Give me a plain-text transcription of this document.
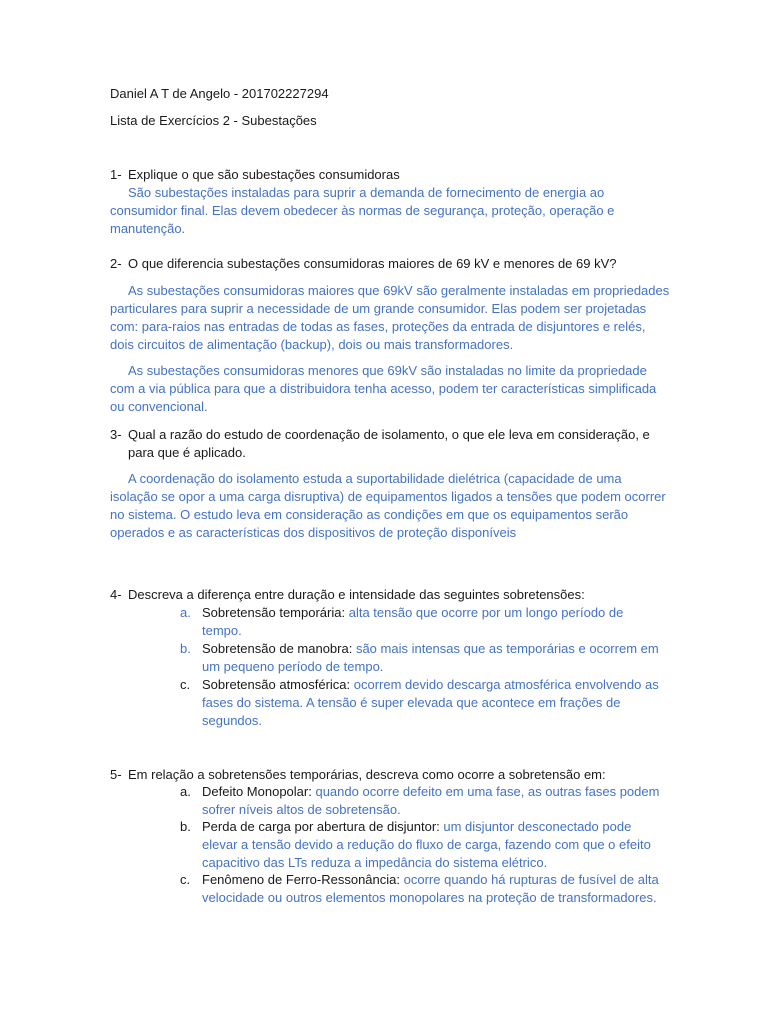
Daniel A T de Angelo - 201702227294
Lista de Exercícios 2 - Subestações
1- Explique o que são subestações consumidoras
São subestações instaladas para suprir a demanda de fornecimento de energia ao consumidor final. Elas devem obedecer às normas de segurança, proteção, operação e manutenção.
2- O que diferencia subestações consumidoras maiores de 69 kV e menores de 69 kV?
As subestações consumidoras maiores que 69kV são geralmente instaladas em propriedades particulares para suprir a necessidade de um grande consumidor. Elas podem ser projetadas com: para-raios nas entradas de todas as fases, proteções da entrada de disjuntores e relés, dois circuitos de alimentação (backup), dois ou mais transformadores.
As subestações consumidoras menores que 69kV são instaladas no limite da propriedade com a via pública para que a distribuidora tenha acesso, podem ter características simplificada ou convencional.
3- Qual a razão do estudo de coordenação de isolamento, o que ele leva em consideração, e
para que é aplicado.
A coordenação do isolamento estuda a suportabilidade dielétrica (capacidade de uma isolação se opor a uma carga disruptiva) de equipamentos ligados a tensões que podem ocorrer no sistema. O estudo leva em consideração as condições em que os equipamentos serão operados e as características dos dispositivos de proteção disponíveis
4- Descreva a diferença entre duração e intensidade das seguintes sobretensões:
a. Sobretensão temporária: alta tensão que ocorre por um longo período de tempo.
b. Sobretensão de manobra: são mais intensas que as temporárias e ocorrem em um pequeno período de tempo.
c. Sobretensão atmosférica: ocorrem devido descarga atmosférica envolvendo as fases do sistema. A tensão é super elevada que acontece em frações de segundos.
5- Em relação a sobretensões temporárias, descreva como ocorre a sobretensão em:
a. Defeito Monopolar: quando ocorre defeito em uma fase, as outras fases podem sofrer níveis altos de sobretensão.
b. Perda de carga por abertura de disjuntor: um disjuntor desconectado pode elevar a tensão devido a redução do fluxo de carga, fazendo com que o efeito capacitivo das LTs reduza a impedância do sistema elétrico.
c. Fenômeno de Ferro-Ressonância: ocorre quando há rupturas de fusível de alta velocidade ou outros elementos monopolares na proteção de transformadores.
